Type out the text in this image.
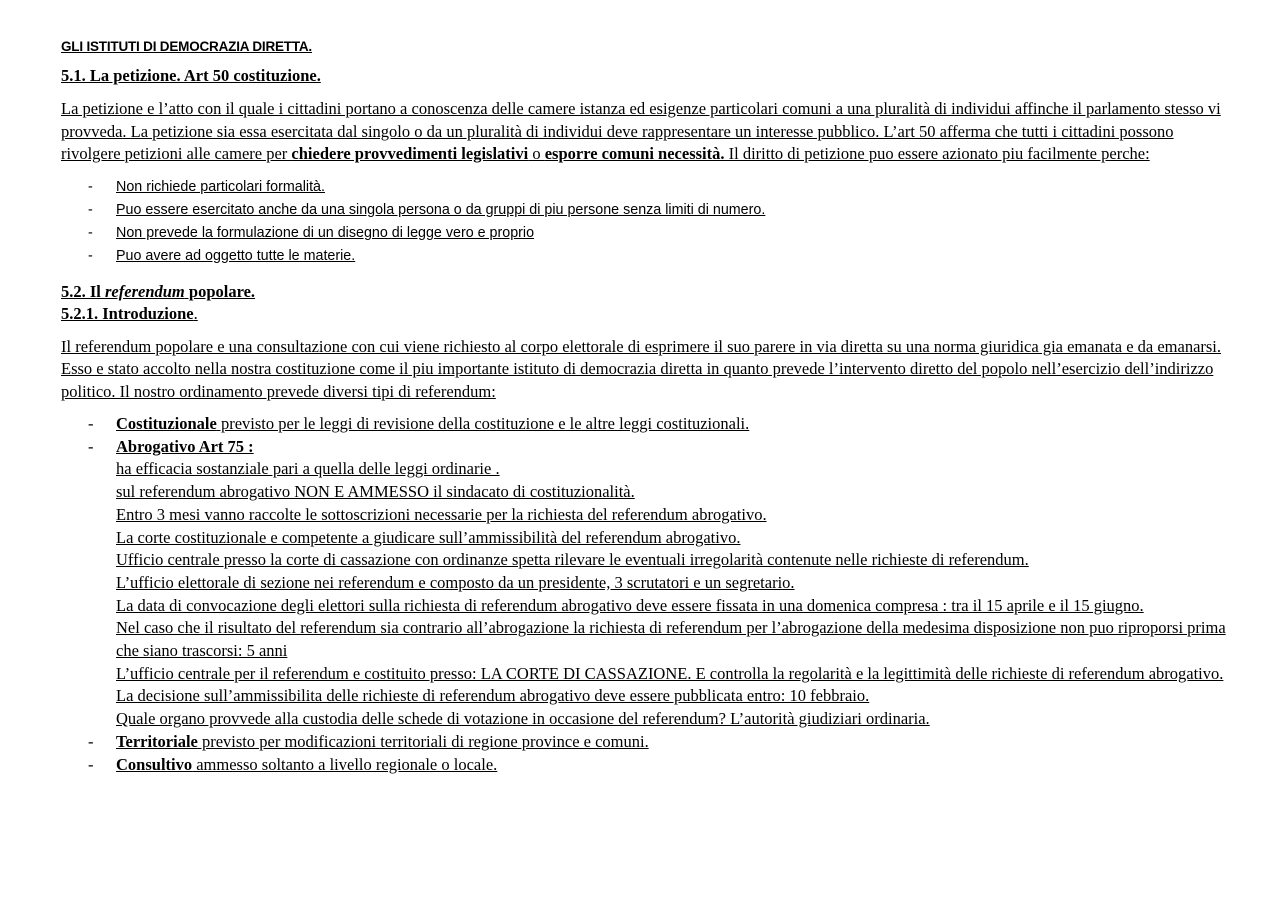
GLI ISTITUTI DI DEMOCRAZIA DIRETTA.
5.1. La petizione. Art 50 costituzione.

La petizione e l’atto con il quale i cittadini portano a conoscenza delle camere istanza ed esigenze particolari comuni a una pluralità di individui affinche il parlamento stesso vi provveda. La petizione sia essa esercitata dal singolo o da un pluralità di individui deve rappresentare un interesse pubblico. L’art 50 afferma che tutti i cittadini possono rivolgere petizioni alle camere per chiedere provvedimenti legislativi o esporre comuni necessità. Il diritto di petizione puo essere azionato piu facilmente perche:

- Non richiede particolari formalità.
- Puo essere esercitato anche da una singola persona o da gruppi di piu persone senza limiti di numero.
- Non prevede la formulazione di un disegno di legge vero e proprio
- Puo avere ad oggetto tutte le materie.
5.2. Il referendum popolare.
5.2.1. Introduzione.

Il referendum popolare e una consultazione con cui viene richiesto al corpo elettorale di esprimere il suo parere in via diretta su una norma giuridica gia emanata e da emanarsi. Esso e stato accolto nella nostra costituzione come il piu importante istituto di democrazia diretta in quanto prevede l’intervento diretto del popolo nell’esercizio dell’indirizzo politico. Il nostro ordinamento prevede diversi tipi di referendum:

- Costituzionale previsto per le leggi di revisione della costituzione e le altre leggi costituzionali.
- Abrogativo Art 75 :
ha efficacia sostanziale pari a quella delle leggi ordinarie .
sul referendum abrogativo NON E AMMESSO il sindacato di costituzionalità.
Entro 3 mesi vanno raccolte le sottoscrizioni necessarie per la richiesta del referendum abrogativo.
La corte costituzionale e competente a giudicare sull’ammissibilità del referendum abrogativo.
Ufficio centrale presso la corte di cassazione con ordinanze spetta rilevare le eventuali irregolarità contenute nelle richieste di referendum.
L’ufficio elettorale di sezione nei referendum e composto da un presidente, 3 scrutatori e un segretario.
La data di convocazione degli elettori sulla richiesta di referendum abrogativo deve essere fissata in una domenica compresa : tra il 15 aprile e il 15 giugno.
Nel caso che il risultato del referendum sia contrario all’abrogazione la richiesta di referendum per l’abrogazione della medesima disposizione non puo riproporsi prima che siano trascorsi: 5 anni
L’ufficio centrale per il referendum e costituito presso: LA CORTE DI CASSAZIONE. E controlla la regolarità e la legittimità delle richieste di referendum abrogativo.
La decisione sull’ammissibilita delle richieste di referendum abrogativo deve essere pubblicata entro: 10 febbraio.
Quale organo provvede alla custodia delle schede di votazione in occasione del referendum? L’autorità giudiziari ordinaria.
- Territoriale previsto per modificazioni territoriali di regione province e comuni.
- Consultivo ammesso soltanto a livello regionale o locale.
